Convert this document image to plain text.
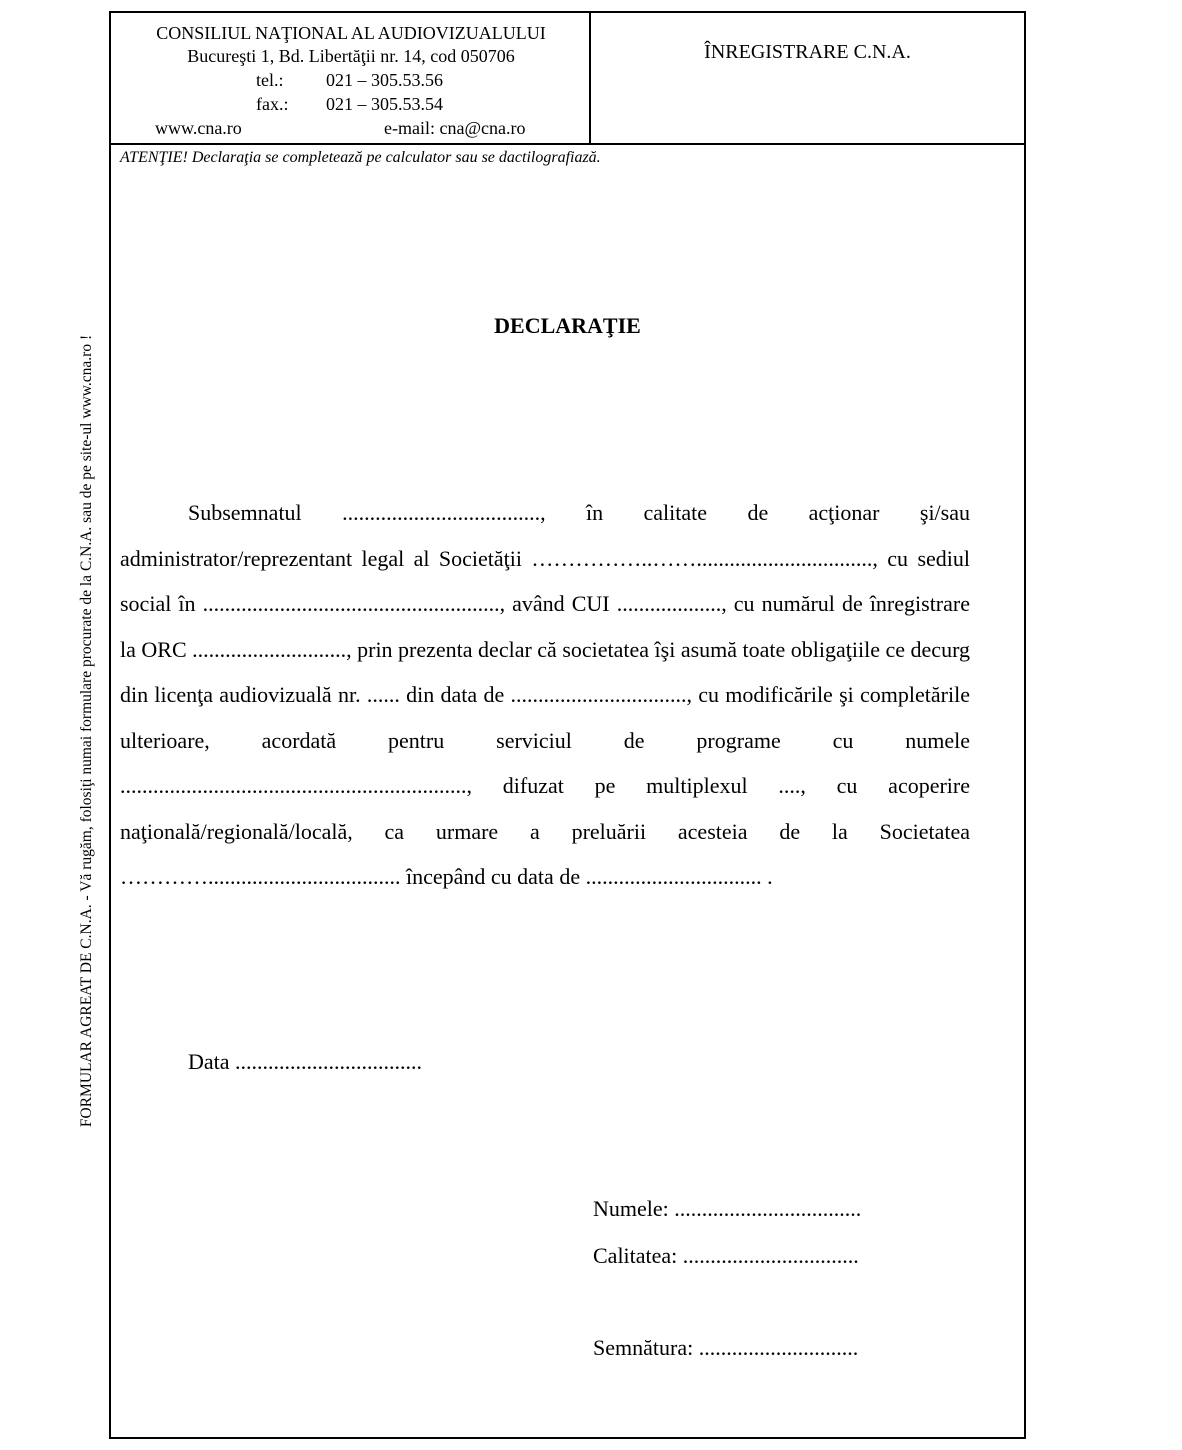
FORMULAR AGREAT DE C.N.A. - Vă rugăm, folosiţi numai formulare procurate de la C.N.A. sau de pe site-ul www.cna.ro !
CONSILIUL NAŢIONAL AL AUDIOVIZUALULUI
Bucureşti 1, Bd. Libertăţii nr. 14, cod 050706
tel.: 021 – 305.53.56
fax.: 021 – 305.53.54
www.cna.ro	e-mail: cna@cna.ro
ÎNREGISTRARE C.N.A.
ATENŢIE! Declaraţia se completează pe calculator sau se dactilografiază.
DECLARAŢIE
Subsemnatul ...................................., în calitate de acţionar şi/sau administrator/reprezentant legal al Societăţii ……………..……................................, cu sediul social în ......................................................, având CUI ..................., cu numărul de înregistrare la ORC ............................, prin prezenta declar că societatea îşi asumă toate obligaţiile ce decurg din licenţa audiovizuală nr. ...... din data de ................................, cu modificările şi completările ulterioare, acordată pentru serviciul de programe cu numele ..............................................................., difuzat pe multiplexul ...., cu acoperire naţională/regională/locală, ca urmare a preluării acesteia de la Societatea …………................................... începând cu data de ................................ .
Data ..................................
Numele: ..................................
Calitatea: ................................
Semnătura: .............................
